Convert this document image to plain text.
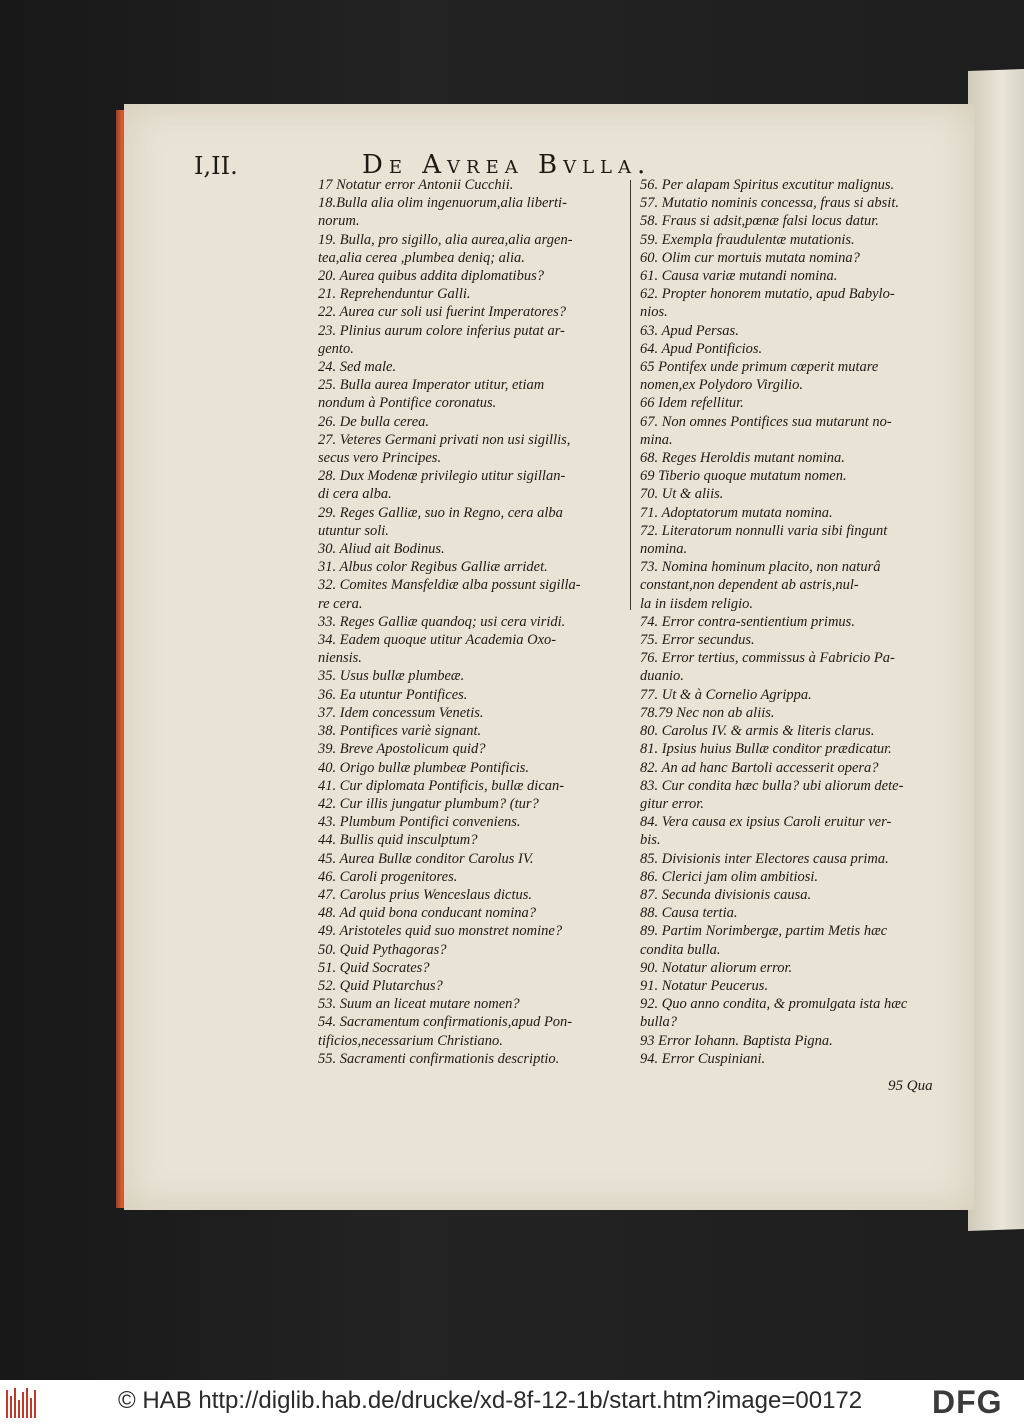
I,II.	De Avrea Bvlla.
17 Notatur error Antonii Cucchii.
18.Bulla alia olim ingenuorum,alia liberti-
norum.
19. Bulla, pro sigillo, alia aurea,alia argen-
tea,alia cerea ,plumbea deniq; alia.
20. Aurea quibus addita diplomatibus?
21. Reprehenduntur Galli.
22. Aurea cur soli usi fuerint Imperatores?
23. Plinius aurum colore inferius putat ar-
gento.
24. Sed male.
25. Bulla aurea Imperator utitur, etiam
nondum à Pontifice coronatus.
26. De bulla cerea.
27. Veteres Germani privati non usi sigillis,
secus vero Principes.
28. Dux Modenæ privilegio utitur sigillan-
di cera alba.
29. Reges Galliæ, suo in Regno, cera alba
utuntur soli.
30. Aliud ait Bodinus.
31. Albus color Regibus Galliæ arridet.
32. Comites Mansfeldiæ alba possunt sigilla-
re cera.
33. Reges Galliæ quandoq; usi cera viridi.
34. Eadem quoque utitur Academia Oxo-
niensis.
35. Usus bullæ plumbeæ.
36. Ea utuntur Pontifices.
37. Idem concessum Venetis.
38. Pontifices variè signant.
39. Breve Apostolicum quid?
40. Origo bullæ plumbeæ Pontificis.
41. Cur diplomata Pontificis, bullæ dican-
42. Cur illis jungatur plumbum? (tur?
43. Plumbum Pontifici conveniens.
44. Bullis quid insculptum?
45. Aurea Bullæ conditor Carolus IV.
46. Caroli progenitores.
47. Carolus prius Wenceslaus dictus.
48. Ad quid bona conducant nomina?
49. Aristoteles quid suo monstret nomine?
50. Quid Pythagoras?
51. Quid Socrates?
52. Quid Plutarchus?
53. Suum an liceat mutare nomen?
54. Sacramentum confirmationis,apud Pon-
tificios,necessarium Christiano.
55. Sacramenti confirmationis descriptio.
56. Per alapam Spiritus excutitur malignus.
57. Mutatio nominis concessa, fraus si absit.
58. Fraus si adsit,pœnæ falsi locus datur.
59. Exempla fraudulentæ mutationis.
60. Olim cur mortuis mutata nomina?
61. Causa variæ mutandi nomina.
62. Propter honorem mutatio, apud Babylo-
nios.
63. Apud Persas.
64. Apud Pontificios.
65 Pontifex unde primum cœperit mutare
nomen,ex Polydoro Virgilio.
66 Idem refellitur.
67. Non omnes Pontifices sua mutarunt no-
mina.
68. Reges Heroldis mutant nomina.
69 Tiberio quoque mutatum nomen.
70. Ut & aliis.
71. Adoptatorum mutata nomina.
72. Literatorum nonnulli varia sibi fingunt
nomina.
73. Nomina hominum placito, non naturâ
constant,non dependent ab astris,nul-
la in iisdem religio.
74. Error contra-sentientium primus.
75. Error secundus.
76. Error tertius, commissus à Fabricio Pa-
duanio.
77. Ut & à Cornelio Agrippa.
78.79 Nec non ab aliis.
80. Carolus IV. & armis & literis clarus.
81. Ipsius huius Bullæ conditor prædicatur.
82. An ad hanc Bartoli accesserit opera?
83. Cur condita hæc bulla? ubi aliorum dete-
gitur error.
84. Vera causa ex ipsius Caroli eruitur ver-
bis.
85. Divisionis inter Electores causa prima.
86. Clerici jam olim ambitiosi.
87. Secunda divisionis causa.
88. Causa tertia.
89. Partim Norimbergæ, partim Metis hæc
condita bulla.
90. Notatur aliorum error.
91. Notatur Peucerus.
92. Quo anno condita, & promulgata ista hæc
bulla?
93 Error Iohann. Baptista Pigna.
94. Error Cuspiniani.
95 Qua
© HAB http://diglib.hab.de/drucke/xd-8f-12-1b/start.htm?image=00172 DFG
